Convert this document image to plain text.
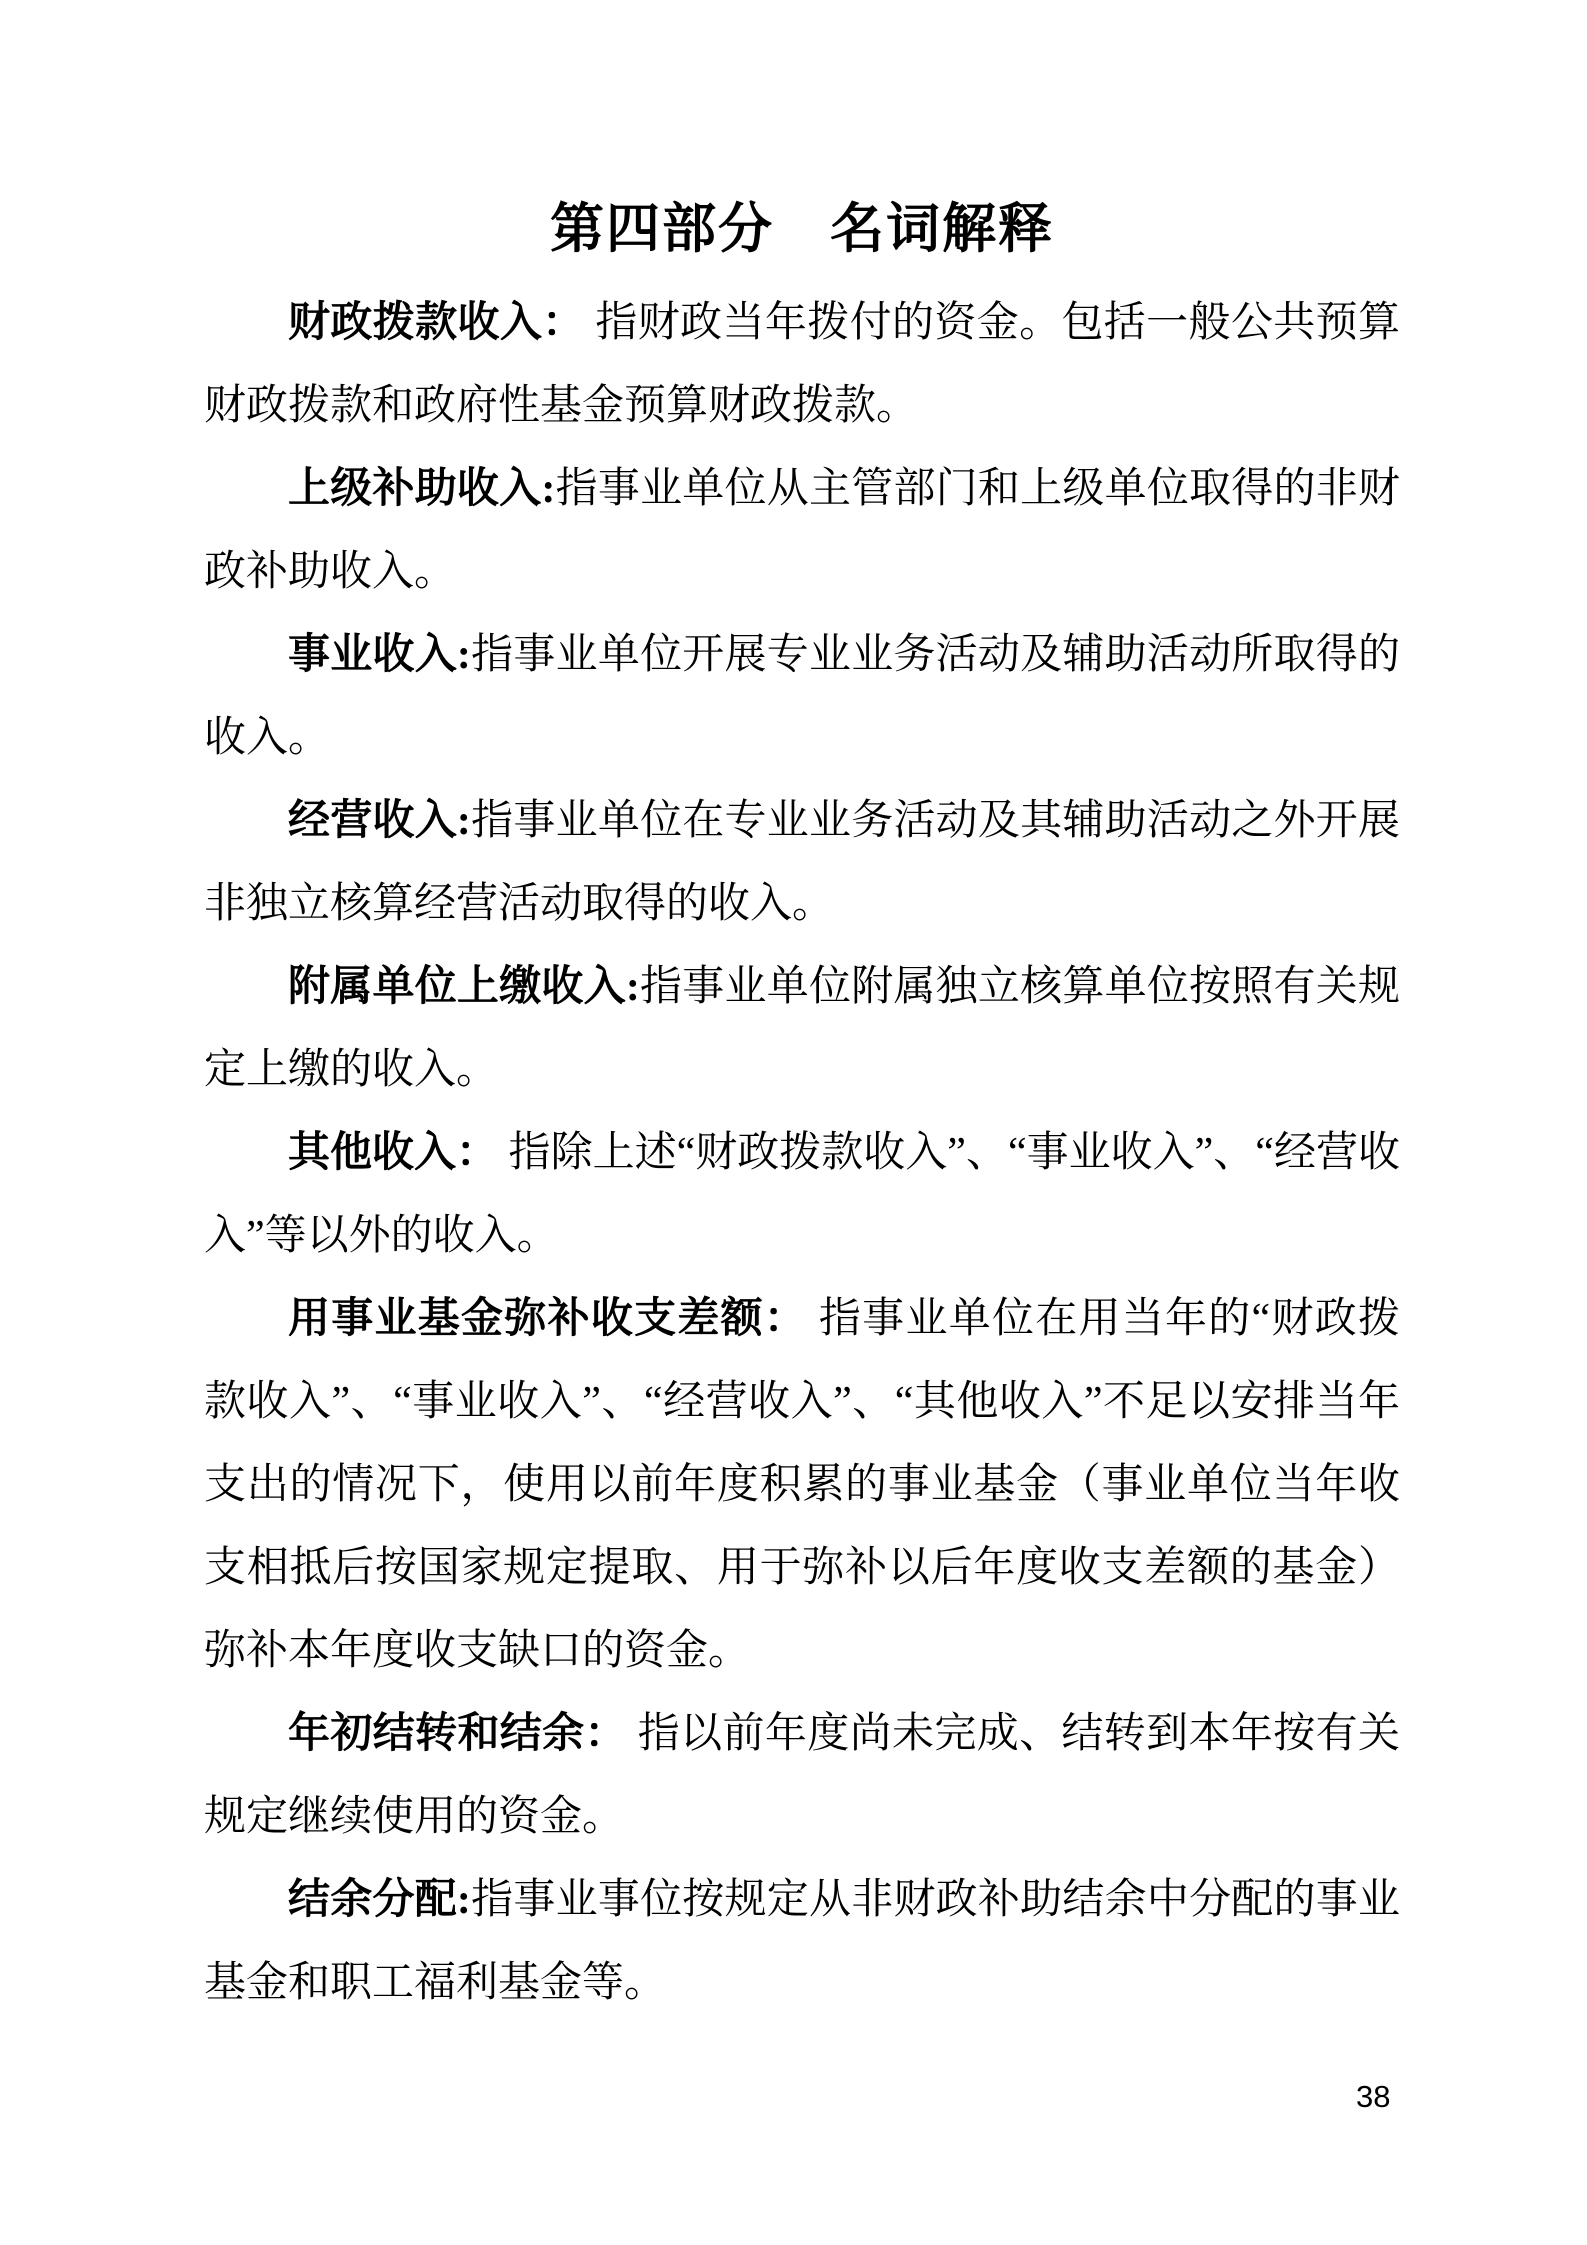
第四部分　名词解释

财政拨款收入： 指财政当年拨付的资金。包括一般公共预算财政拨款和政府性基金预算财政拨款。

上级补助收入:指事业单位从主管部门和上级单位取得的非财政补助收入。

事业收入:指事业单位开展专业业务活动及辅助活动所取得的收入。

经营收入:指事业单位在专业业务活动及其辅助活动之外开展非独立核算经营活动取得的收入。

附属单位上缴收入:指事业单位附属独立核算单位按照有关规定上缴的收入。

其他收入： 指除上述“财政拨款收入”、“事业收入”、“经营收入”等以外的收入。

用事业基金弥补收支差额： 指事业单位在用当年的“财政拨款收入”、“事业收入”、“经营收入”、“其他收入”不足以安排当年支出的情况下，使用以前年度积累的事业基金（事业单位当年收支相抵后按国家规定提取、用于弥补以后年度收支差额的基金）弥补本年度收支缺口的资金。

年初结转和结余： 指以前年度尚未完成、结转到本年按有关规定继续使用的资金。

结余分配:指事业事位按规定从非财政补助结余中分配的事业基金和职工福利基金等。

38
